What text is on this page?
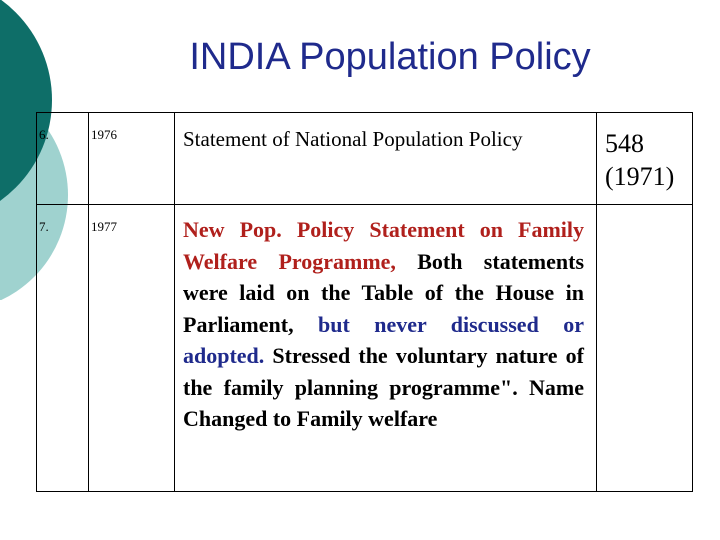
INDIA Population Policy
6.	1976	Statement of National Population Policy	548 (1971)

7.	1977	New Pop. Policy Statement on Family Welfare Programme, Both statements were laid on the Table of the House in Parliament, but never discussed or adopted. Stressed the voluntary nature of the family planning programme". Name Changed to Family welfare	
